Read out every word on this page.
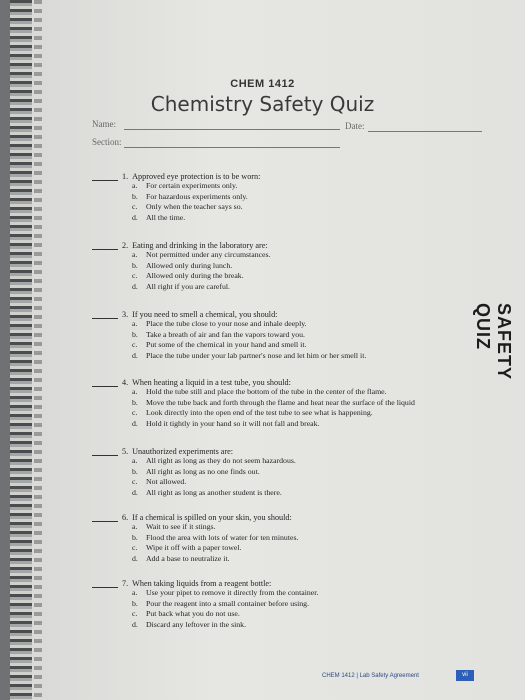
CHEM 1412
Chemistry Safety Quiz
Name:	Date:
Section:
SAFETY QUIZ
1. Approved eye protection is to be worn:
a.	For certain experiments only.
b.	For hazardous experiments only.
c.	Only when the teacher says so.
d.	All the time.
2. Eating and drinking in the laboratory are:
a.	Not permitted under any circumstances.
b.	Allowed only during lunch.
c.	Allowed only during the break.
d.	All right if you are careful.
3. If you need to smell a chemical, you should:
a.	Place the tube close to your nose and inhale deeply.
b.	Take a breath of air and fan the vapors toward you.
c.	Put some of the chemical in your hand and smell it.
d.	Place the tube under your lab partner's nose and let him or her smell it.
4. When heating a liquid in a test tube, you should:
a.	Hold the tube still and place the bottom of the tube in the center of the flame.
b.	Move the tube back and forth through the flame and heat near the surface of the liquid
c.	Look directly into the open end of the test tube to see what is happening.
d.	Hold it tightly in your hand so it will not fall and break.
5. Unauthorized experiments are:
a.	All right as long as they do not seem hazardous.
b.	All right as long as no one finds out.
c.	Not allowed.
d.	All right as long as another student is there.
6. If a chemical is spilled on your skin, you should:
a.	Wait to see if it stings.
b.	Flood the area with lots of water for ten minutes.
c.	Wipe it off with a paper towel.
d.	Add a base to neutralize it.
7. When taking liquids from a reagent bottle:
a.	Use your pipet to remove it directly from the container.
b.	Pour the reagent into a small container before using.
c.	Put back what you do not use.
d.	Discard any leftover in the sink.
CHEM 1412 | Lab Safety Agreement	vii
